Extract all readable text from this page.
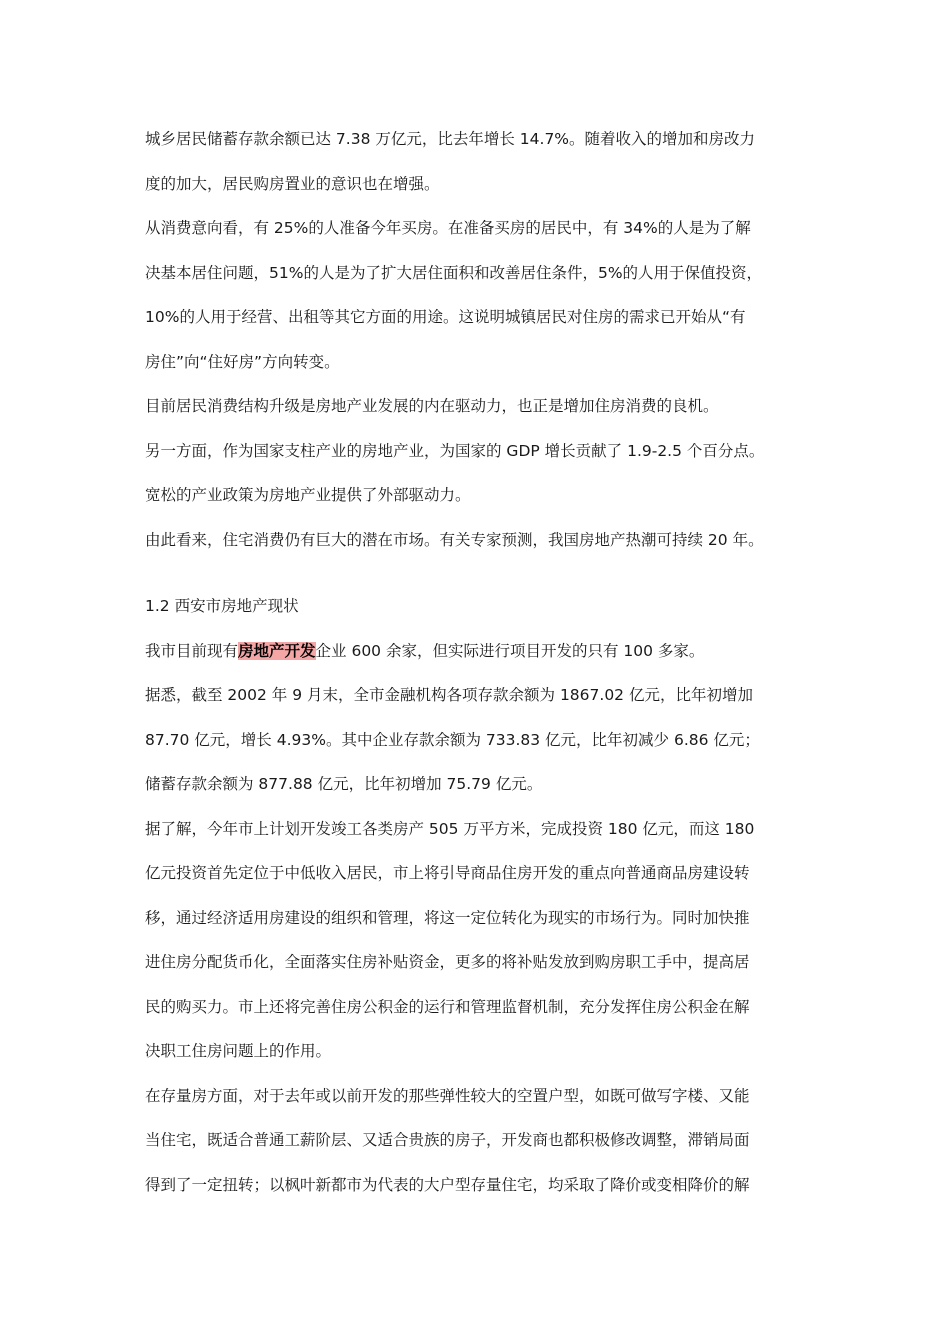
城乡居民储蓄存款余额已达 7.38 万亿元，比去年增长 14.7%。随着收入的增加和房改力

度的加大，居民购房置业的意识也在增强。

从消费意向看，有 25%的人准备今年买房。在准备买房的居民中，有 34%的人是为了解

决基本居住问题，51%的人是为了扩大居住面积和改善居住条件，5%的人用于保值投资，

10%的人用于经营、出租等其它方面的用途。这说明城镇居民对住房的需求已开始从“有

房住”向“住好房”方向转变。

目前居民消费结构升级是房地产业发展的内在驱动力，也正是增加住房消费的良机。

另一方面，作为国家支柱产业的房地产业，为国家的 GDP 增长贡献了 1.9-2.5 个百分点。

宽松的产业政策为房地产业提供了外部驱动力。

由此看来，住宅消费仍有巨大的潜在市场。有关专家预测，我国房地产热潮可持续 20 年。

1.2 西安市房地产现状

我市目前现有房地产开发企业 600 余家，但实际进行项目开发的只有 100 多家。

据悉，截至 2002 年 9 月末，全市金融机构各项存款余额为 1867.02 亿元，比年初增加

87.70 亿元，增长 4.93%。其中企业存款余额为 733.83 亿元，比年初减少 6.86 亿元；

储蓄存款余额为 877.88 亿元，比年初增加 75.79 亿元。

据了解，今年市上计划开发竣工各类房产 505 万平方米，完成投资 180 亿元，而这 180

亿元投资首先定位于中低收入居民，市上将引导商品住房开发的重点向普通商品房建设转

移，通过经济适用房建设的组织和管理，将这一定位转化为现实的市场行为。同时加快推

进住房分配货币化，全面落实住房补贴资金，更多的将补贴发放到购房职工手中，提高居

民的购买力。市上还将完善住房公积金的运行和管理监督机制，充分发挥住房公积金在解

决职工住房问题上的作用。

在存量房方面，对于去年或以前开发的那些弹性较大的空置户型，如既可做写字楼、又能

当住宅，既适合普通工薪阶层、又适合贵族的房子，开发商也都积极修改调整，滞销局面

得到了一定扭转；以枫叶新都市为代表的大户型存量住宅，均采取了降价或变相降价的解
